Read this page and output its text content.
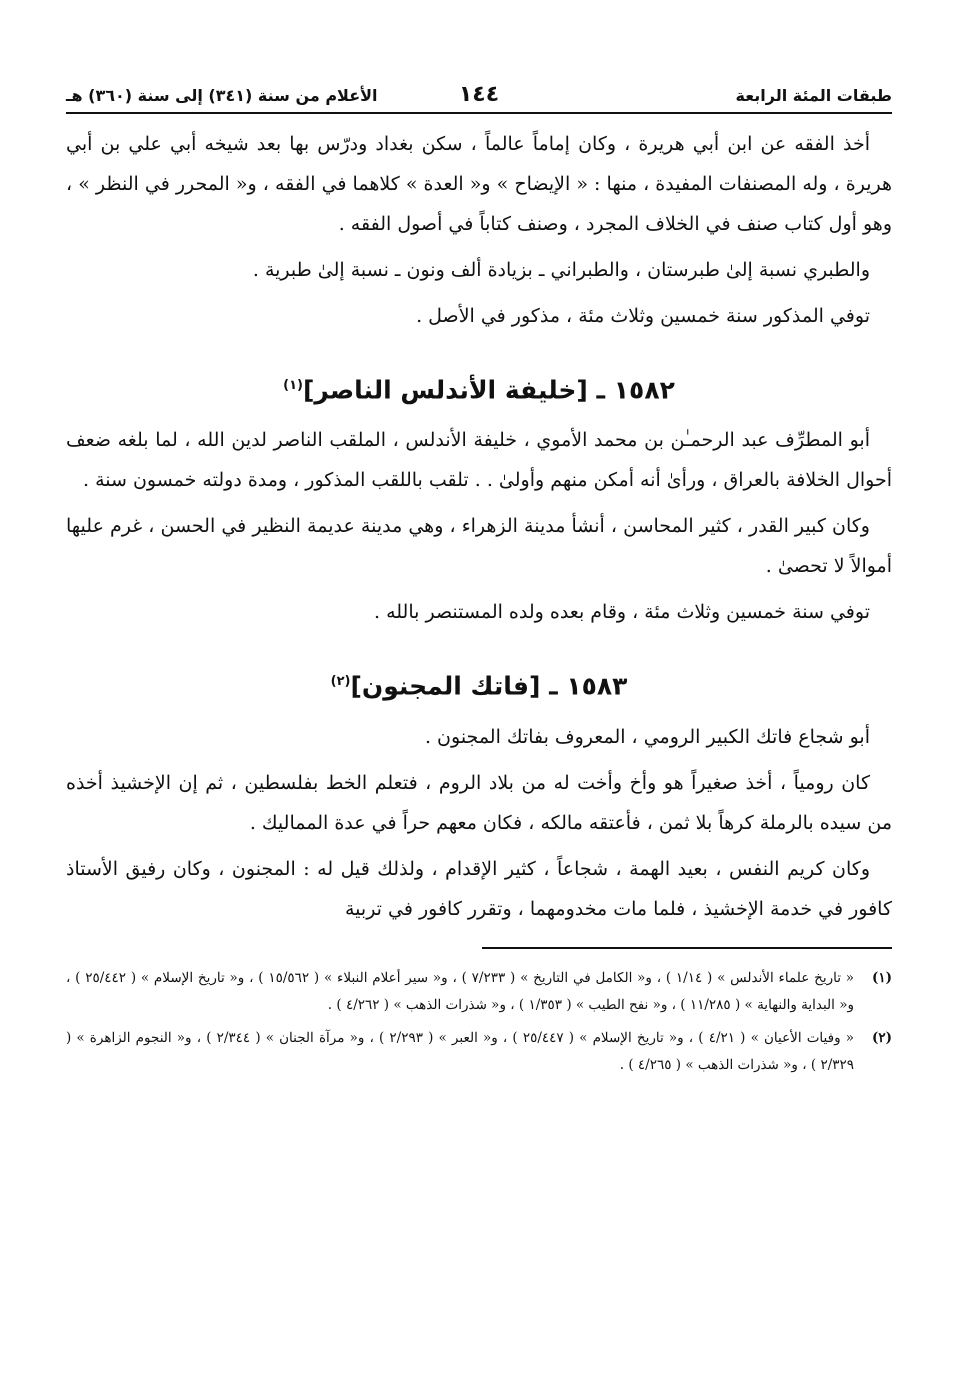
طبقات المئة الرابعة
١٤٤
الأعلام من سنة (٣٤١) إلى سنة (٣٦٠) هـ

أخذ الفقه عن ابن أبي هريرة ، وكان إماماً عالماً ، سكن بغداد ودرّس بها بعد شيخه أبي علي بن أبي هريرة ، وله المصنفات المفيدة ، منها : « الإيضاح » و« العدة » كلاهما في الفقه ، و« المحرر في النظر » ، وهو أول كتاب صنف في الخلاف المجرد ، وصنف كتاباً في أصول الفقه .

والطبري نسبة إلىٰ طبرستان ، والطبراني ـ بزيادة ألف ونون ـ نسبة إلىٰ طبرية .

توفي المذكور سنة خمسين وثلاث مئة ، مذكور في الأصل .

١٥٨٢ ـ [خليفة الأندلس الناصر]$^{(١)}$

أبو المطرِّف عبد الرحمـٰن بن محمد الأموي ، خليفة الأندلس ، الملقب الناصر لدين الله ، لما بلغه ضعف أحوال الخلافة بالعراق ، ورأىٰ أنه أمكن منهم وأولىٰ . . تلقب باللقب المذكور ، ومدة دولته خمسون سنة .

وكان كبير القدر ، كثير المحاسن ، أنشأ مدينة الزهراء ، وهي مدينة عديمة النظير في الحسن ، غرم عليها أموالاً لا تحصىٰ .

توفي سنة خمسين وثلاث مئة ، وقام بعده ولده المستنصر بالله .

١٥٨٣ ـ [فاتك المجنون]$^{(٢)}$

أبو شجاع فاتك الكبير الرومي ، المعروف بفاتك المجنون .

كان رومياً ، أخذ صغيراً هو وأخ وأخت له من بلاد الروم ، فتعلم الخط بفلسطين ، ثم إن الإخشيذ أخذه من سيده بالرملة كرهاً بلا ثمن ، فأعتقه مالكه ، فكان معهم حراً في عدة المماليك .

وكان كريم النفس ، بعيد الهمة ، شجاعاً ، كثير الإقدام ، ولذلك قيل له : المجنون ، وكان رفيق الأستاذ كافور في خدمة الإخشيذ ، فلما مات مخدومهما ، وتقرر كافور في تربية

(١)
« تاريخ علماء الأندلس » ( ١/١٤ ) ، و« الكامل في التاريخ » ( ٧/٢٣٣ ) ، و« سير أعلام النبلاء » ( ١٥/٥٦٢ ) ، و« تاريخ الإسلام » ( ٢٥/٤٤٢ ) ، و« البداية والنهاية » ( ١١/٢٨٥ ) ، و« نفح الطيب » ( ١/٣٥٣ ) ، و« شذرات الذهب » ( ٤/٢٦٢ ) .
(٢)
« وفيات الأعيان » ( ٤/٢١ ) ، و« تاريخ الإسلام » ( ٢٥/٤٤٧ ) ، و« العبر » ( ٢/٢٩٣ ) ، و« مرآة الجنان » ( ٢/٣٤٤ ) ، و« النجوم الزاهرة » ( ٢/٣٢٩ ) ، و« شذرات الذهب » ( ٤/٢٦٥ ) .
